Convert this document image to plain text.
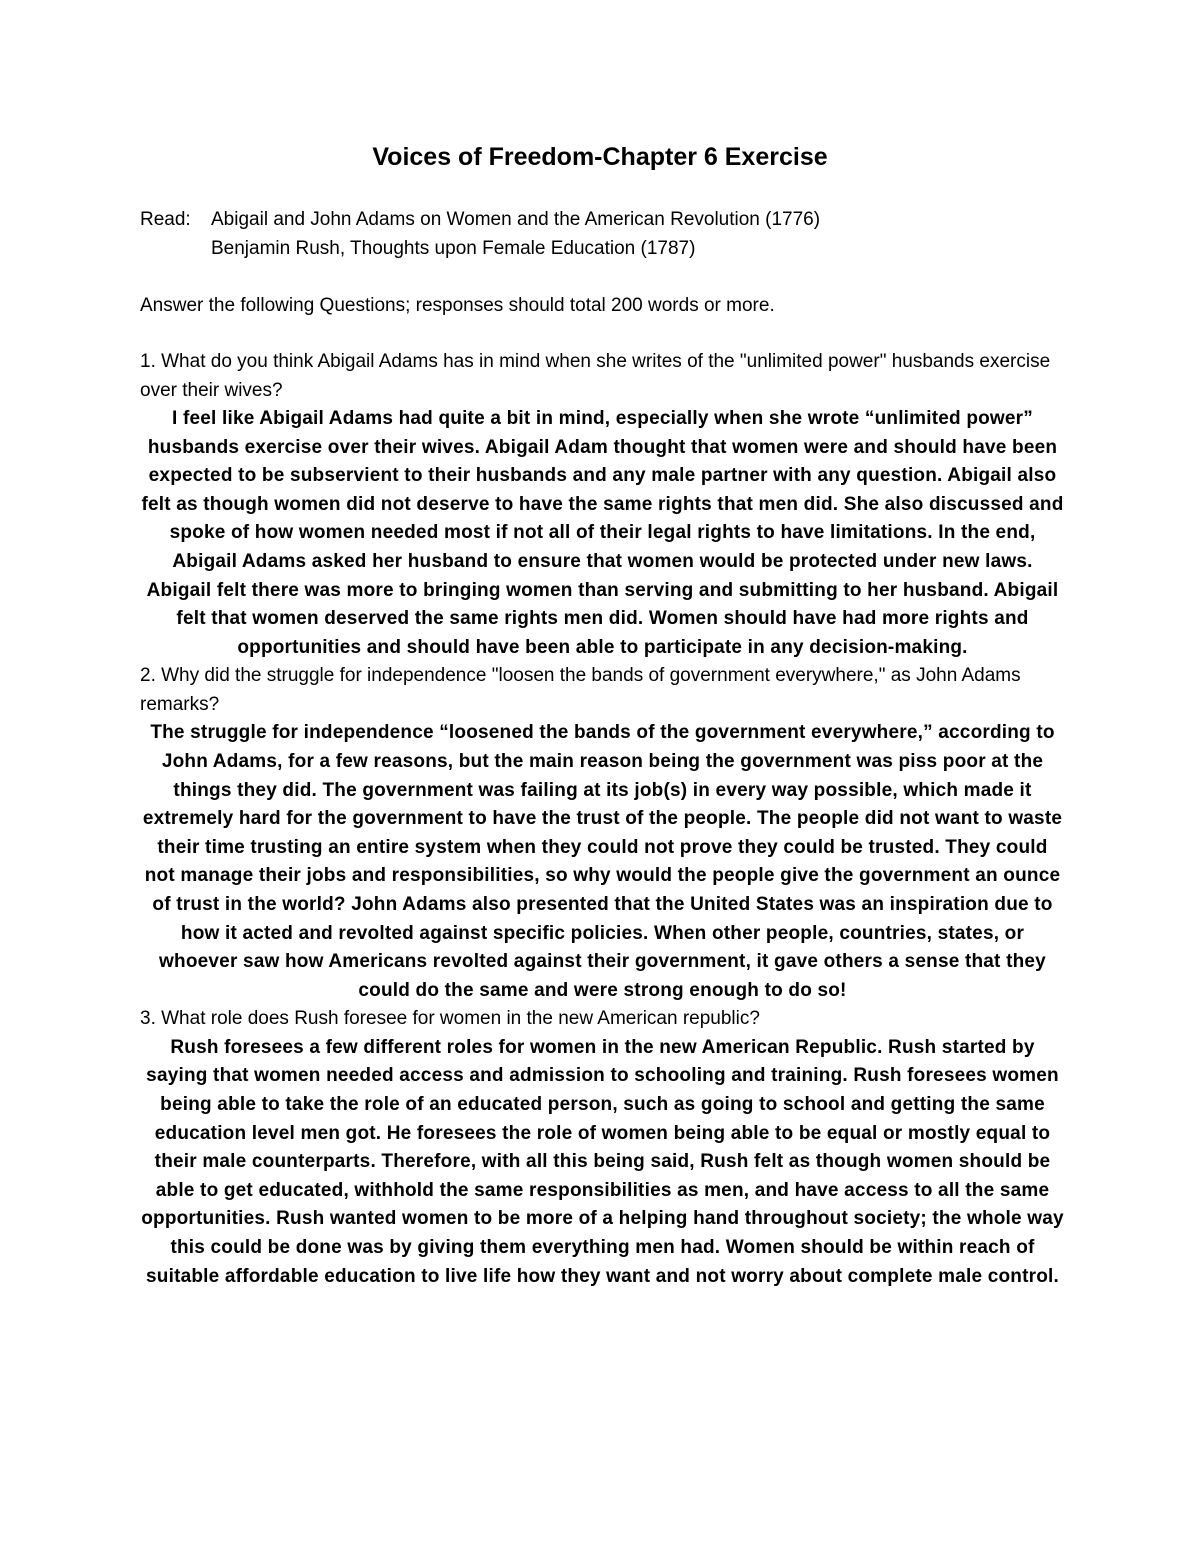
Voices of Freedom-Chapter 6 Exercise
Read:	Abigail and John Adams on Women and the American Revolution (1776)
Benjamin Rush, Thoughts upon Female Education (1787)
Answer the following Questions; responses should total 200 words or more.

1. What do you think Abigail Adams has in mind when she writes of the "unlimited power" husbands exercise over their wives?

I feel like Abigail Adams had quite a bit in mind, especially when she wrote “unlimited power” husbands exercise over their wives. Abigail Adam thought that women were and should have been expected to be subservient to their husbands and any male partner with any question. Abigail also felt as though women did not deserve to have the same rights that men did. She also discussed and spoke of how women needed most if not all of their legal rights to have limitations. In the end, Abigail Adams asked her husband to ensure that women would be protected under new laws. Abigail felt there was more to bringing women than serving and submitting to her husband. Abigail felt that women deserved the same rights men did. Women should have had more rights and opportunities and should have been able to participate in any decision-making.

2. Why did the struggle for independence "loosen the bands of government everywhere," as John Adams remarks?

The struggle for independence “loosened the bands of the government everywhere,” according to John Adams, for a few reasons, but the main reason being the government was piss poor at the things they did. The government was failing at its job(s) in every way possible, which made it extremely hard for the government to have the trust of the people. The people did not want to waste their time trusting an entire system when they could not prove they could be trusted. They could not manage their jobs and responsibilities, so why would the people give the government an ounce of trust in the world? John Adams also presented that the United States was an inspiration due to how it acted and revolted against specific policies. When other people, countries, states, or whoever saw how Americans revolted against their government, it gave others a sense that they could do the same and were strong enough to do so!

3. What role does Rush foresee for women in the new American republic?

Rush foresees a few different roles for women in the new American Republic. Rush started by saying that women needed access and admission to schooling and training. Rush foresees women being able to take the role of an educated person, such as going to school and getting the same education level men got. He foresees the role of women being able to be equal or mostly equal to their male counterparts. Therefore, with all this being said, Rush felt as though women should be able to get educated, withhold the same responsibilities as men, and have access to all the same opportunities. Rush wanted women to be more of a helping hand throughout society; the whole way this could be done was by giving them everything men had. Women should be within reach of suitable affordable education to live life how they want and not worry about complete male control.
